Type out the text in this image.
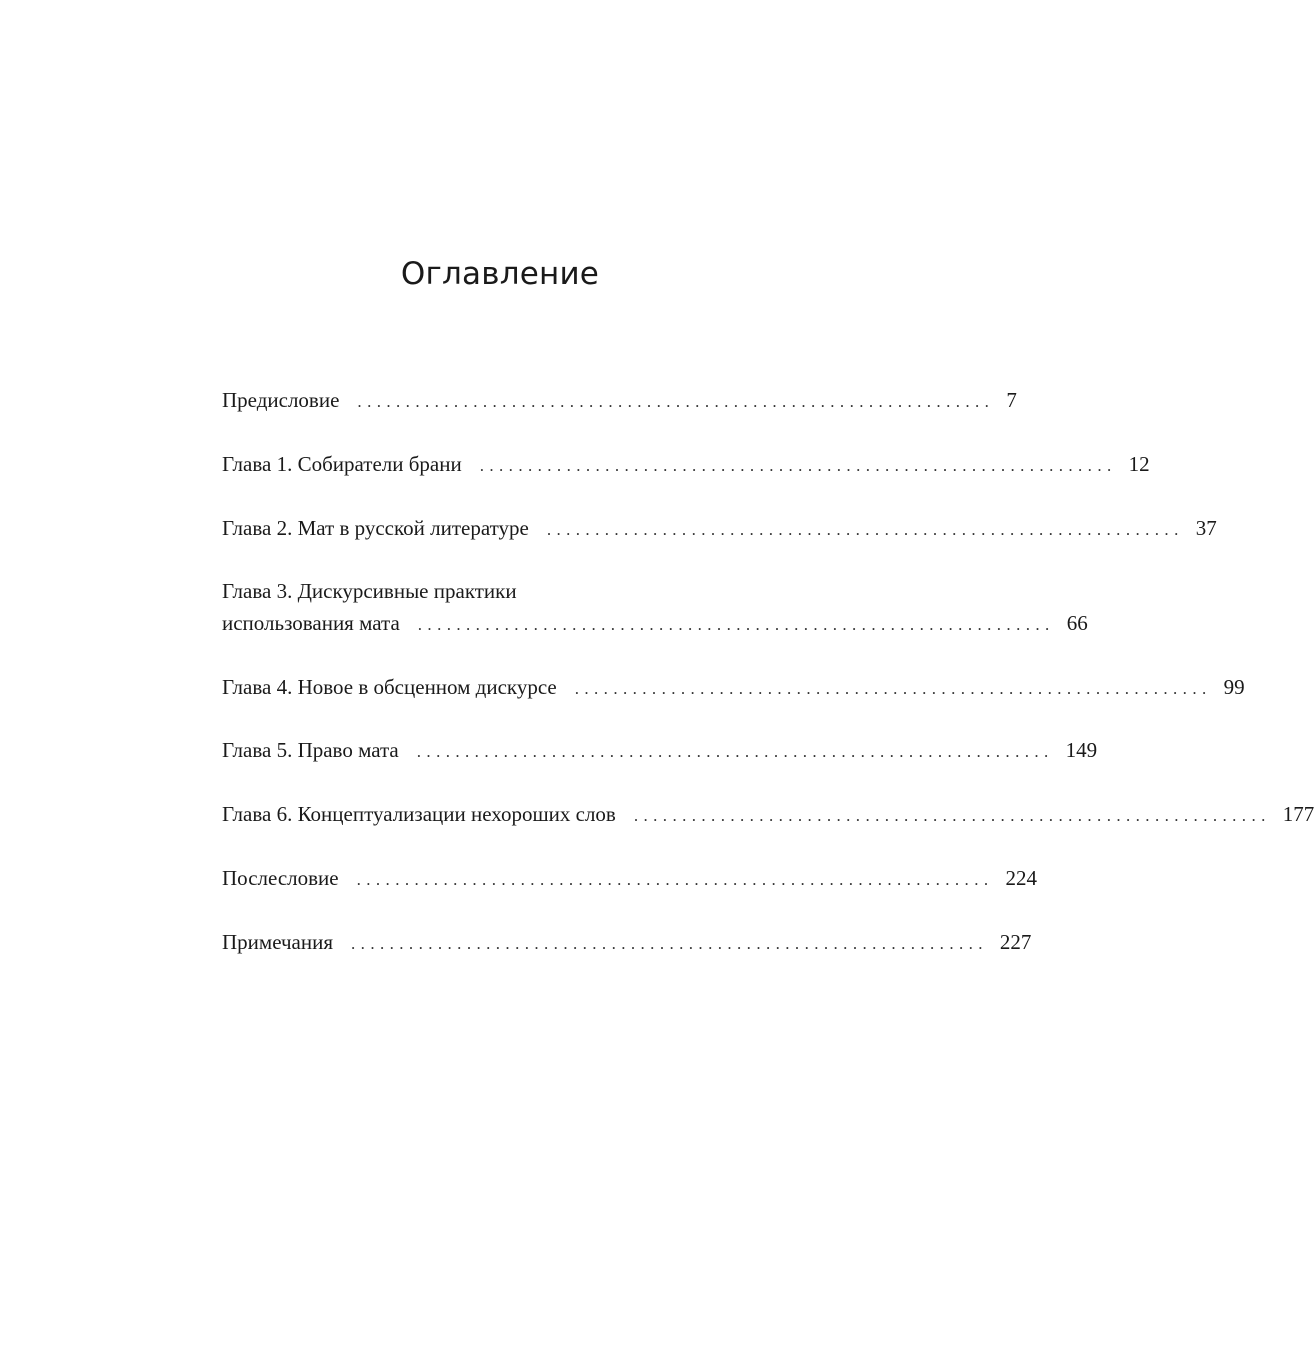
Оглавление
Предисловие .................................................................. 7
Глава 1. Собиратели брани .................................................................. 12
Глава 2. Мат в русской литературе .................................................................. 37
Глава 3. Дискурсивные практики
использования мата .................................................................. 66
Глава 4. Новое в обсценном дискурсе .................................................................. 99
Глава 5. Право мата .................................................................. 149
Глава 6. Концептуализации нехороших слов .................................................................. 177
Послесловие .................................................................. 224
Примечания .................................................................. 227
